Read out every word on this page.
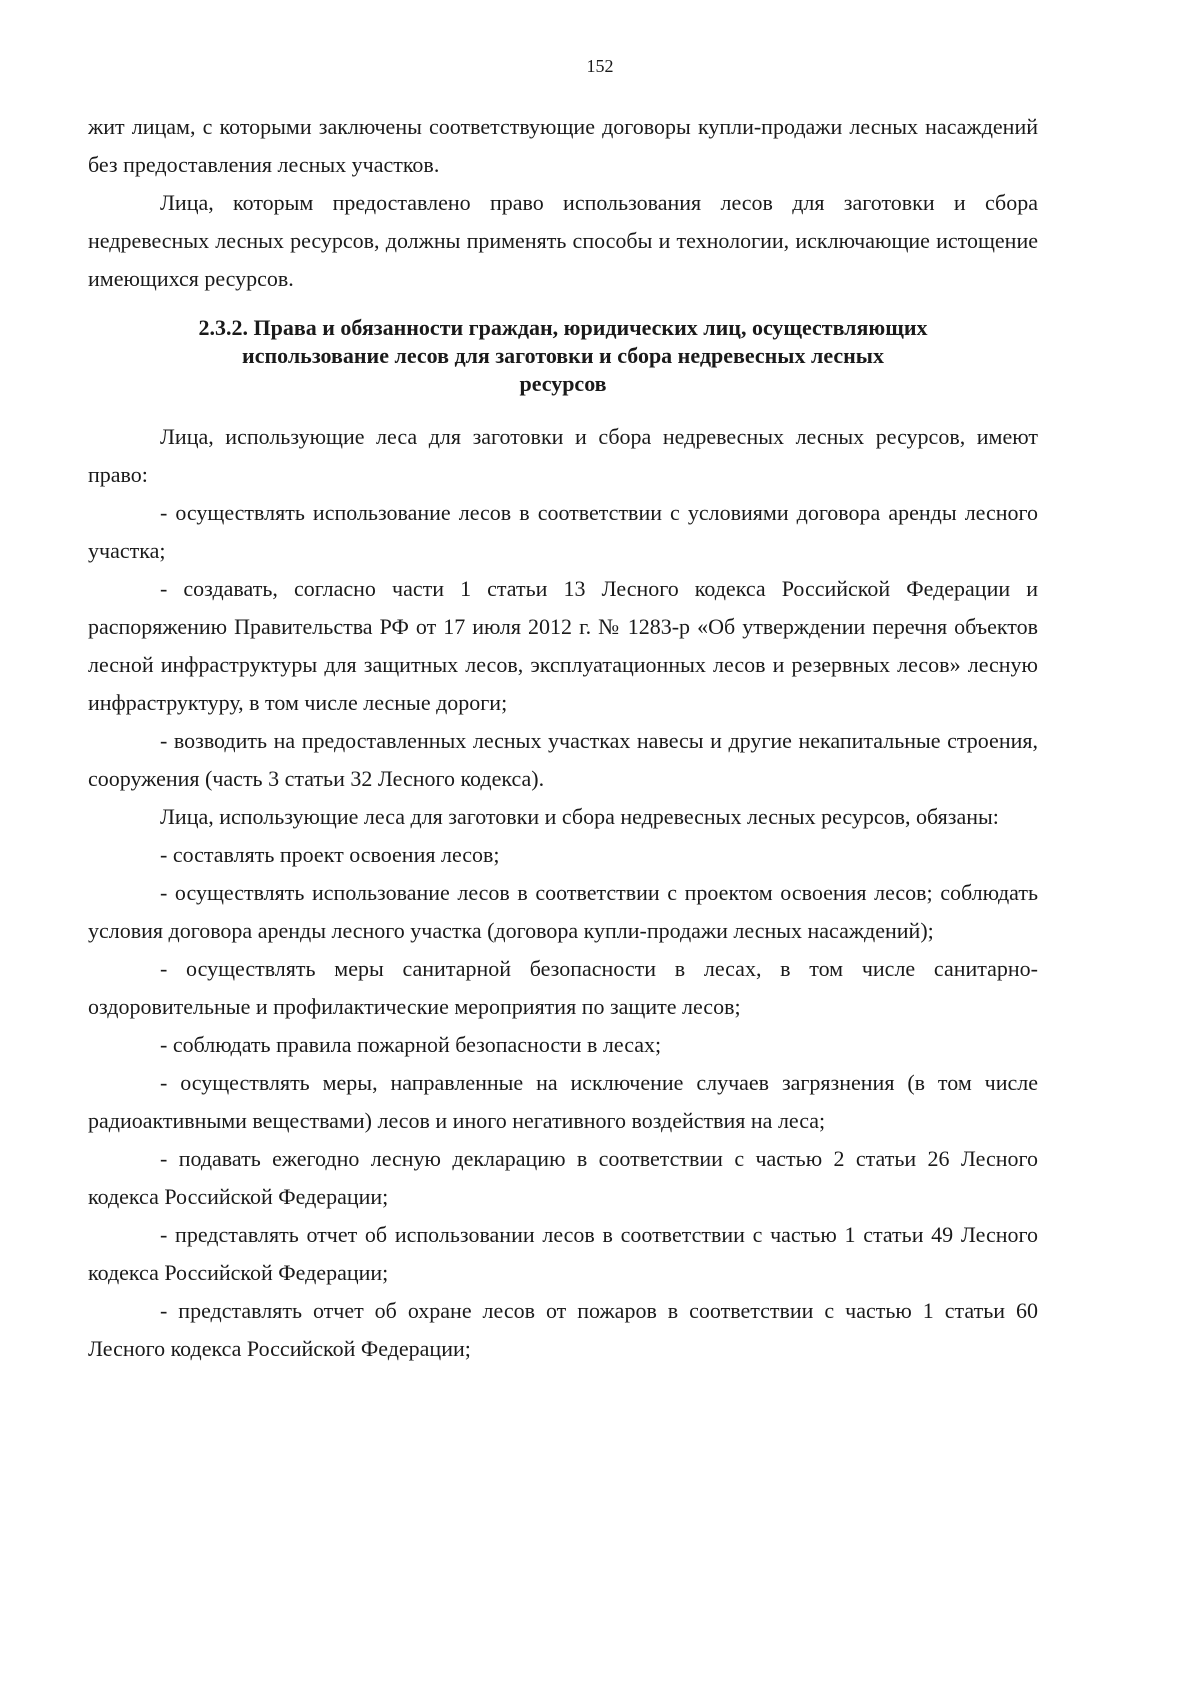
152

жит лицам, с которыми заключены соответствующие договоры купли-продажи лесных насаждений без предоставления лесных участков.

Лица, которым предоставлено право использования лесов для заготовки и сбора недревесных лесных ресурсов, должны применять способы и технологии, исключающие истощение имеющихся ресурсов.

2.3.2. Права и обязанности граждан, юридических лиц, осуществляющих
использование лесов для заготовки и сбора недревесных лесных
ресурсов

Лица, использующие леса для заготовки и сбора недревесных лесных ресурсов, имеют право:

- осуществлять использование лесов в соответствии с условиями договора аренды лесного участка;

- создавать, согласно части 1 статьи 13 Лесного кодекса Российской Федерации и распоряжению Правительства РФ от 17 июля 2012 г. № 1283-р «Об утверждении перечня объектов лесной инфраструктуры для защитных лесов, эксплуатационных лесов и резервных лесов» лесную инфраструктуру, в том числе лесные дороги;

- возводить на предоставленных лесных участках навесы и другие некапитальные строения, сооружения (часть 3 статьи 32 Лесного кодекса).

Лица, использующие леса для заготовки и сбора недревесных лесных ресурсов, обязаны:

- составлять проект освоения лесов;

- осуществлять использование лесов в соответствии с проектом освоения лесов; соблюдать условия договора аренды лесного участка (договора купли-продажи лесных насаждений);

- осуществлять меры санитарной безопасности в лесах, в том числе санитарно-оздоровительные и профилактические мероприятия по защите лесов;

- соблюдать правила пожарной безопасности в лесах;

- осуществлять меры, направленные на исключение случаев загрязнения (в том числе радиоактивными веществами) лесов и иного негативного воздействия на леса;

- подавать ежегодно лесную декларацию в соответствии с частью 2 статьи 26 Лесного кодекса Российской Федерации;

- представлять отчет об использовании лесов в соответствии с частью 1 статьи 49 Лесного кодекса Российской Федерации;

- представлять отчет об охране лесов от пожаров в соответствии с частью 1 статьи 60 Лесного кодекса Российской Федерации;
